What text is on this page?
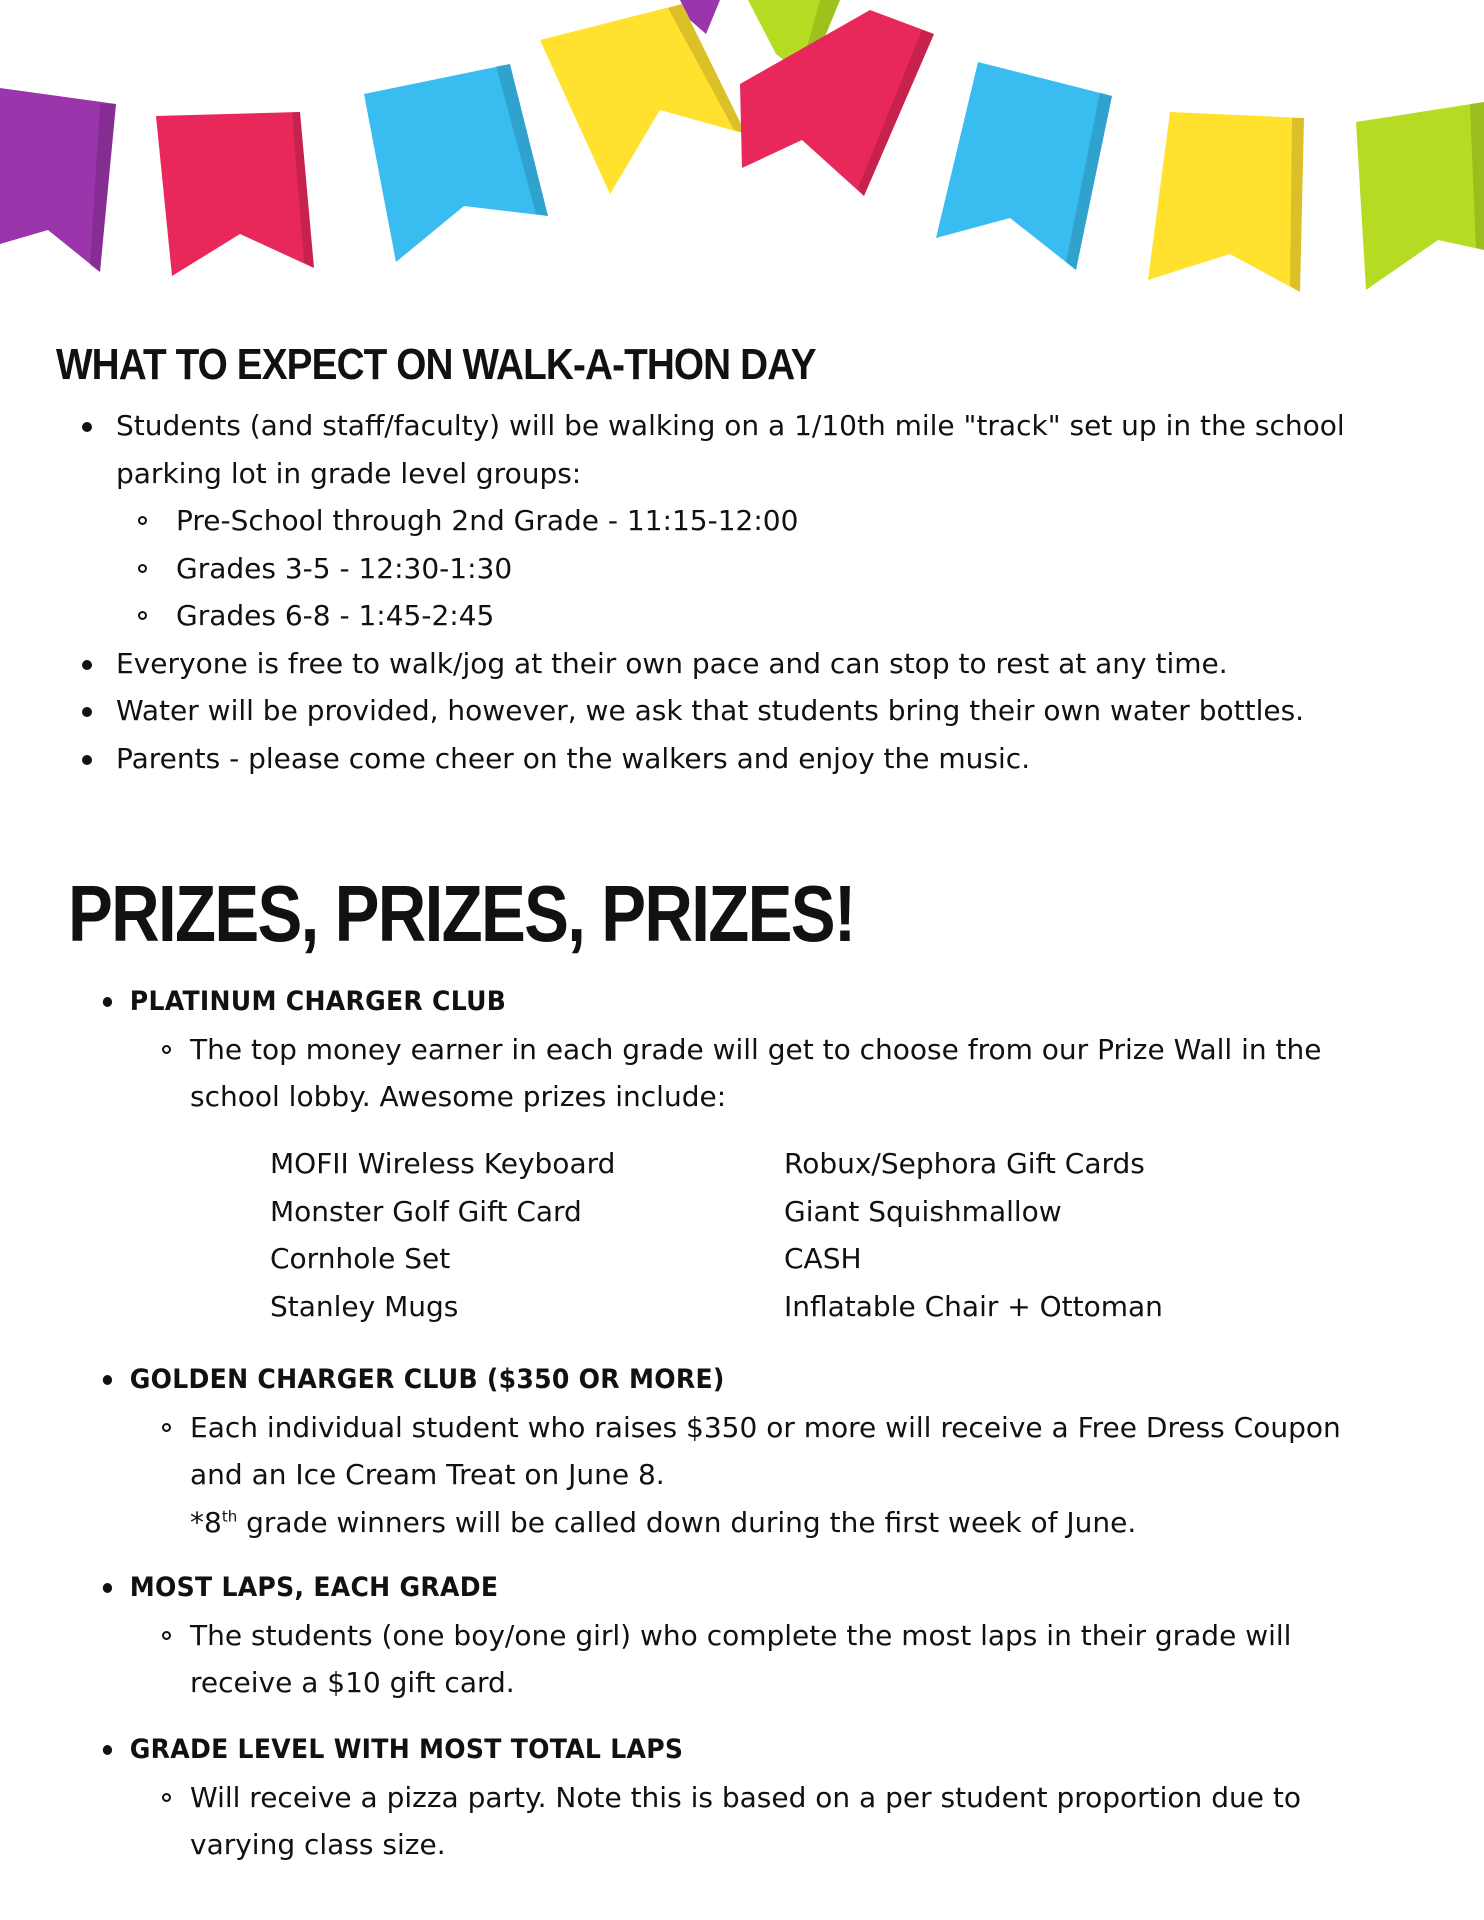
WHAT TO EXPECT ON WALK-A-THON DAY
Students (and staff/faculty) will be walking on a 1/10th mile "track" set up in the school parking lot in grade level groups:
Pre-School through 2nd Grade - 11:15-12:00
Grades 3-5 - 12:30-1:30
Grades 6-8 - 1:45-2:45
Everyone is free to walk/jog at their own pace and can stop to rest at any time.
Water will be provided, however, we ask that students bring their own water bottles.
Parents - please come cheer on the walkers and enjoy the music.
PRIZES, PRIZES, PRIZES!
PLATINUM CHARGER CLUB
The top money earner in each grade will get to choose from our Prize Wall in the school lobby. Awesome prizes include:
MOFII Wireless Keyboard	Robux/Sephora Gift Cards
Monster Golf Gift Card	Giant Squishmallow
Cornhole Set	CASH
Stanley Mugs	Inflatable Chair + Ottoman
GOLDEN CHARGER CLUB ($350 OR MORE)
Each individual student who raises $350 or more will receive a Free Dress Coupon and an Ice Cream Treat on June 8.
*8th grade winners will be called down during the first week of June.
MOST LAPS, EACH GRADE
The students (one boy/one girl) who complete the most laps in their grade will receive a $10 gift card.
GRADE LEVEL WITH MOST TOTAL LAPS
Will receive a pizza party. Note this is based on a per student proportion due to varying class size.
